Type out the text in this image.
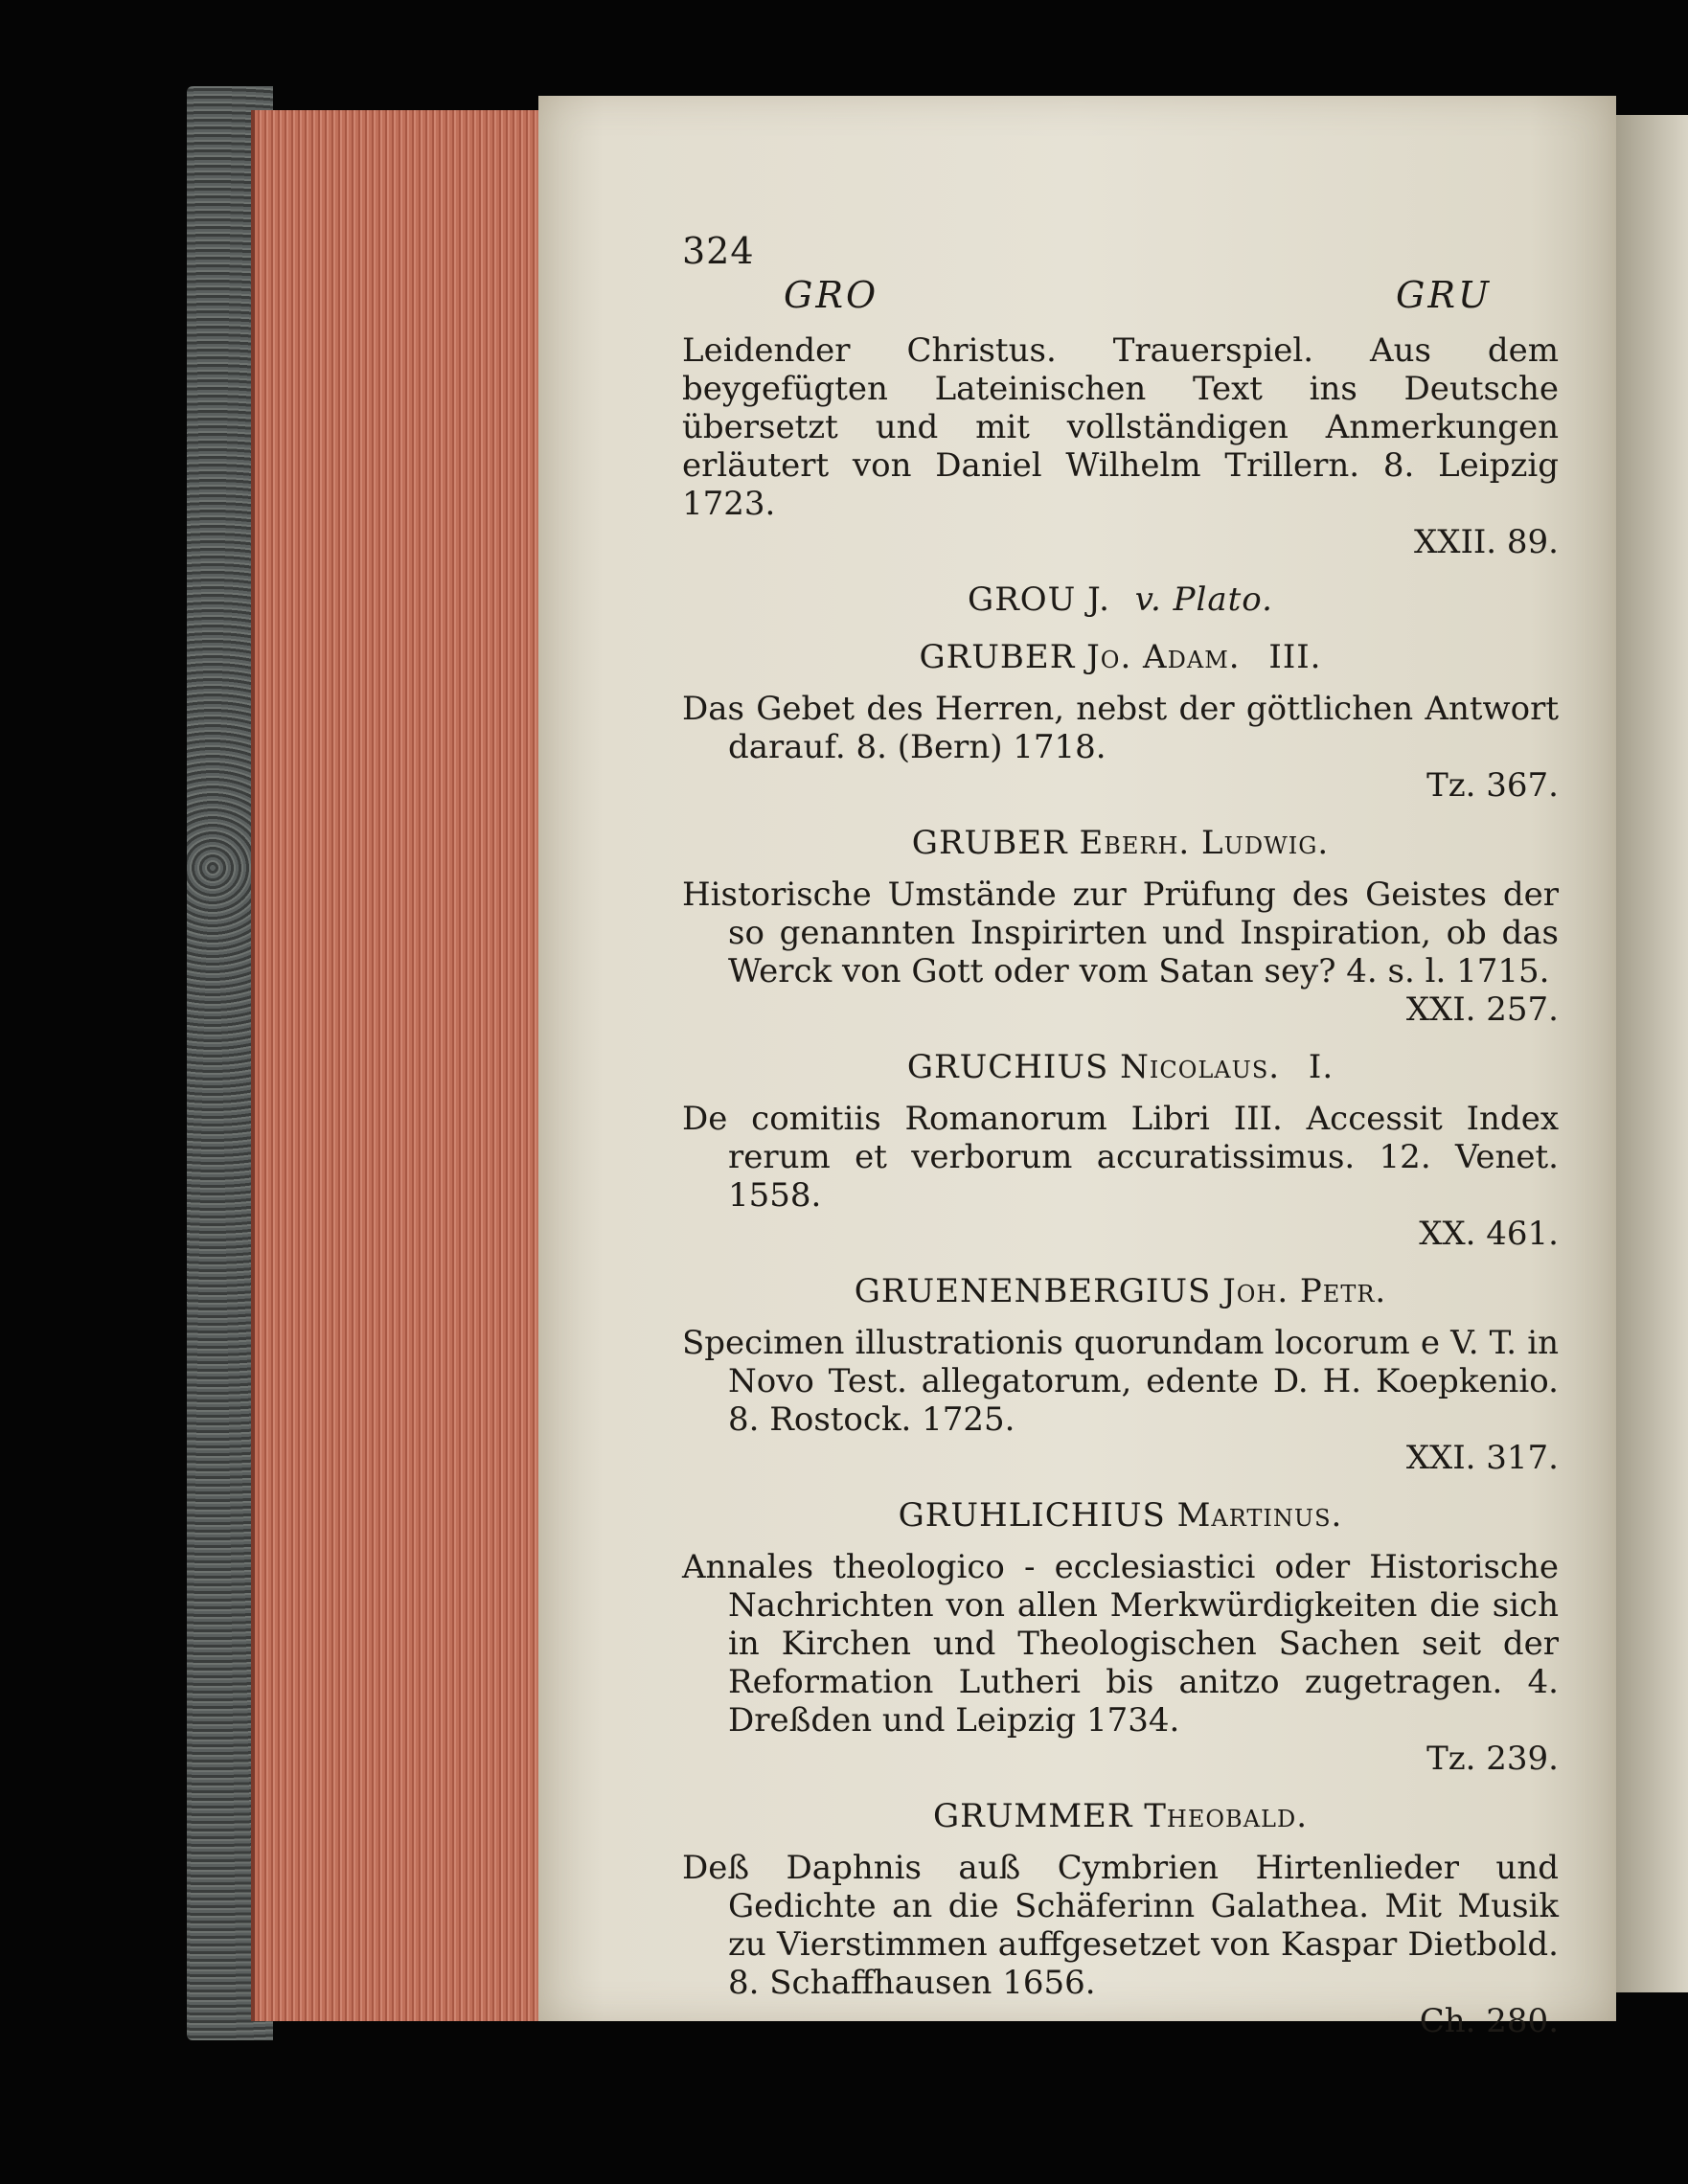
324
GRO	GRU

Leidender Christus. Trauerspiel. Aus dem beygefügten Lateinischen Text ins Deutsche übersetzt und mit vollständigen Anmerkungen erläutert von Daniel Wilhelm Trillern. 8. Leipzig 1723.

XXII. 89.

GROU J. v. Plato.
GRUBER Jo. Adam. III.

Das Gebet des Herren, nebst der göttlichen Antwort darauf. 8. (Bern) 1718.

Tz. 367.

GRUBER Eberh. Ludwig.

Historische Umstände zur Prüfung des Geistes der so genannten Inspirirten und Inspiration, ob das Werck von Gott oder vom Satan sey? 4. s. l. 1715.

XXI. 257.

GRUCHIUS Nicolaus. I.

De comitiis Romanorum Libri III. Accessit Index rerum et verborum accuratissimus. 12. Venet. 1558.

XX. 461.

GRUENENBERGIUS Joh. Petr.

Specimen illustrationis quorundam locorum e V. T. in Novo Test. allegatorum, edente D. H. Koepkenio. 8. Rostock. 1725.

XXI. 317.

GRUHLICHIUS Martinus.

Annales theologico - ecclesiastici oder Historische Nachrichten von allen Merkwürdigkeiten die sich in Kirchen und Theologischen Sachen seit der Reformation Lutheri bis anitzo zugetragen. 4. Dreßden und Leipzig 1734.

Tz. 239.

GRUMMER Theobald.

Deß Daphnis auß Cymbrien Hirtenlieder und Gedichte an die Schäferinn Galathea. Mit Musik zu Vierstimmen auffgesetzet von Kaspar Dietbold. 8. Schaffhausen 1656.

Ch. 280.
